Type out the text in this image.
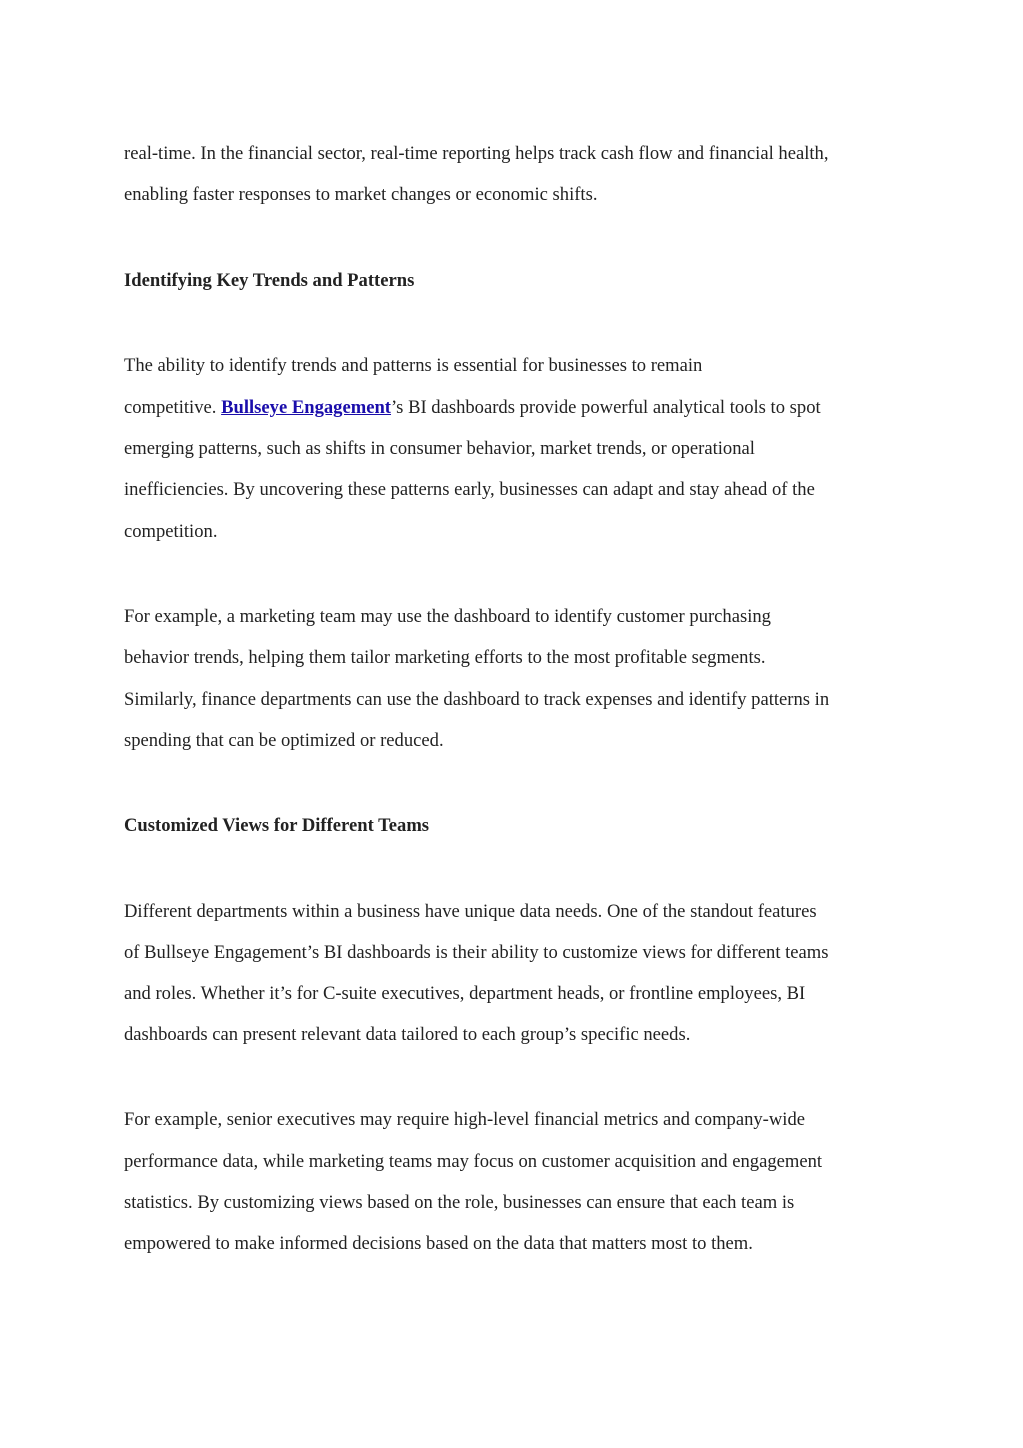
real-time. In the financial sector, real-time reporting helps track cash flow and financial health,
enabling faster responses to market changes or economic shifts.
Identifying Key Trends and Patterns
The ability to identify trends and patterns is essential for businesses to remain
competitive. Bullseye Engagement’s BI dashboards provide powerful analytical tools to spot
emerging patterns, such as shifts in consumer behavior, market trends, or operational
inefficiencies. By uncovering these patterns early, businesses can adapt and stay ahead of the
competition.
For example, a marketing team may use the dashboard to identify customer purchasing
behavior trends, helping them tailor marketing efforts to the most profitable segments.
Similarly, finance departments can use the dashboard to track expenses and identify patterns in
spending that can be optimized or reduced.
Customized Views for Different Teams
Different departments within a business have unique data needs. One of the standout features
of Bullseye Engagement’s BI dashboards is their ability to customize views for different teams
and roles. Whether it’s for C-suite executives, department heads, or frontline employees, BI
dashboards can present relevant data tailored to each group’s specific needs.
For example, senior executives may require high-level financial metrics and company-wide
performance data, while marketing teams may focus on customer acquisition and engagement
statistics. By customizing views based on the role, businesses can ensure that each team is
empowered to make informed decisions based on the data that matters most to them.
